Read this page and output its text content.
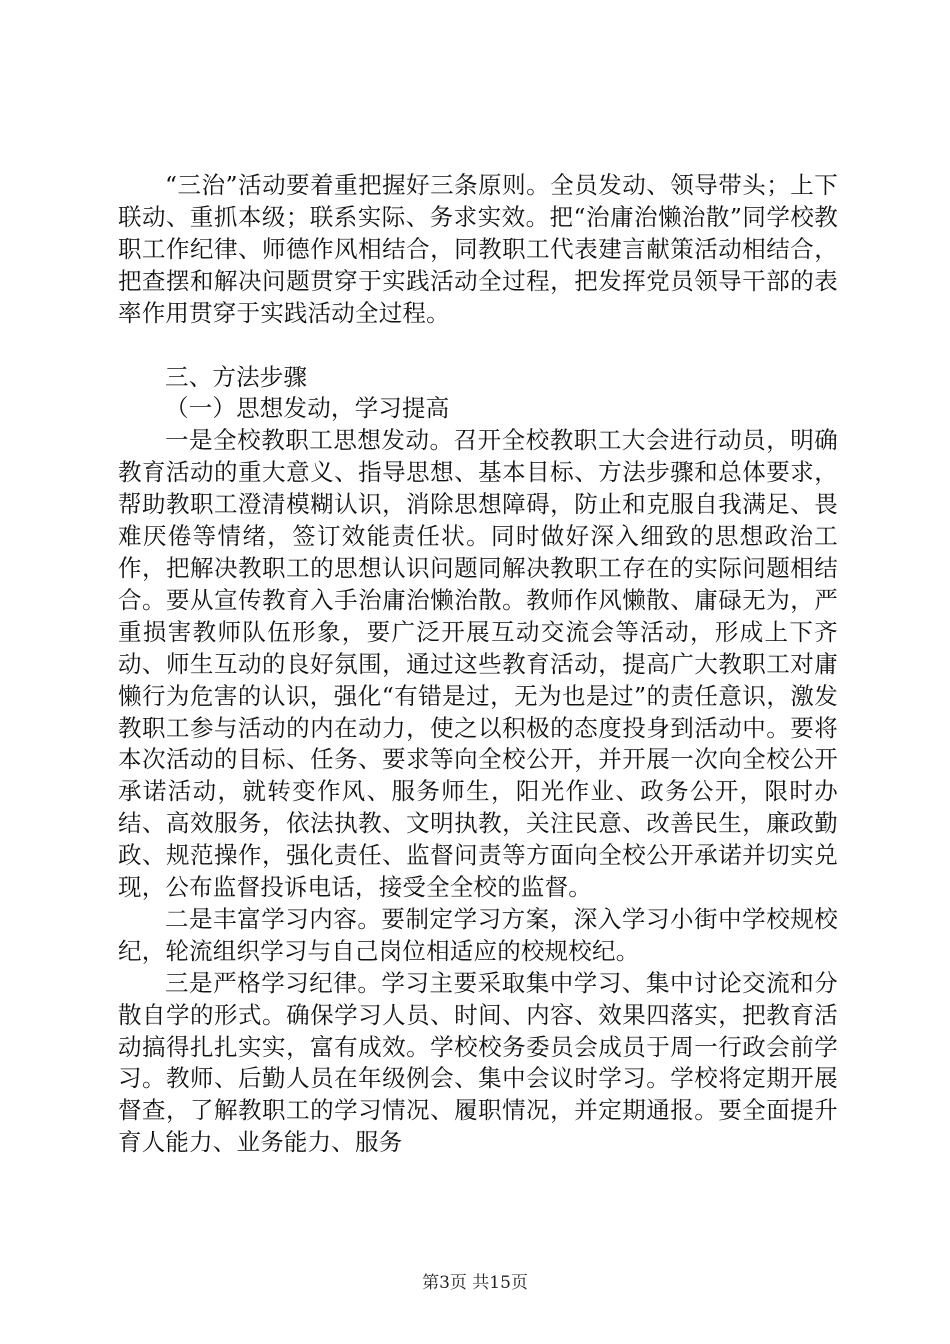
“三治”活动要着重把握好三条原则。全员发动、领导带头；上下联动、重抓本级；联系实际、务求实效。把“治庸治懒治散”同学校教职工作纪律、师德作风相结合，同教职工代表建言献策活动相结合，把查摆和解决问题贯穿于实践活动全过程，把发挥党员领导干部的表率作用贯穿于实践活动全过程。

三、方法步骤

（一）思想发动，学习提高

一是全校教职工思想发动。召开全校教职工大会进行动员，明确教育活动的重大意义、指导思想、基本目标、方法步骤和总体要求，帮助教职工澄清模糊认识，消除思想障碍，防止和克服自我满足、畏难厌倦等情绪，签订效能责任状。同时做好深入细致的思想政治工作，把解决教职工的思想认识问题同解决教职工存在的实际问题相结合。要从宣传教育入手治庸治懒治散。教师作风懒散、庸碌无为，严重损害教师队伍形象，要广泛开展互动交流会等活动，形成上下齐动、师生互动的良好氛围，通过这些教育活动，提高广大教职工对庸懒行为危害的认识，强化“有错是过，无为也是过”的责任意识，激发教职工参与活动的内在动力，使之以积极的态度投身到活动中。要将本次活动的目标、任务、要求等向全校公开，并开展一次向全校公开承诺活动，就转变作风、服务师生，阳光作业、政务公开，限时办结、高效服务，依法执教、文明执教，关注民意、改善民生，廉政勤政、规范操作，强化责任、监督问责等方面向全校公开承诺并切实兑现，公布监督投诉电话，接受全全校的监督。

二是丰富学习内容。要制定学习方案，深入学习小街中学校规校纪，轮流组织学习与自己岗位相适应的校规校纪。

三是严格学习纪律。学习主要采取集中学习、集中讨论交流和分散自学的形式。确保学习人员、时间、内容、效果四落实，把教育活动搞得扎扎实实，富有成效。学校校务委员会成员于周一行政会前学习。教师、后勤人员在年级例会、集中会议时学习。学校将定期开展督查，了解教职工的学习情况、履职情况，并定期通报。要全面提升育人能力、业务能力、服务

第3页 共15页
